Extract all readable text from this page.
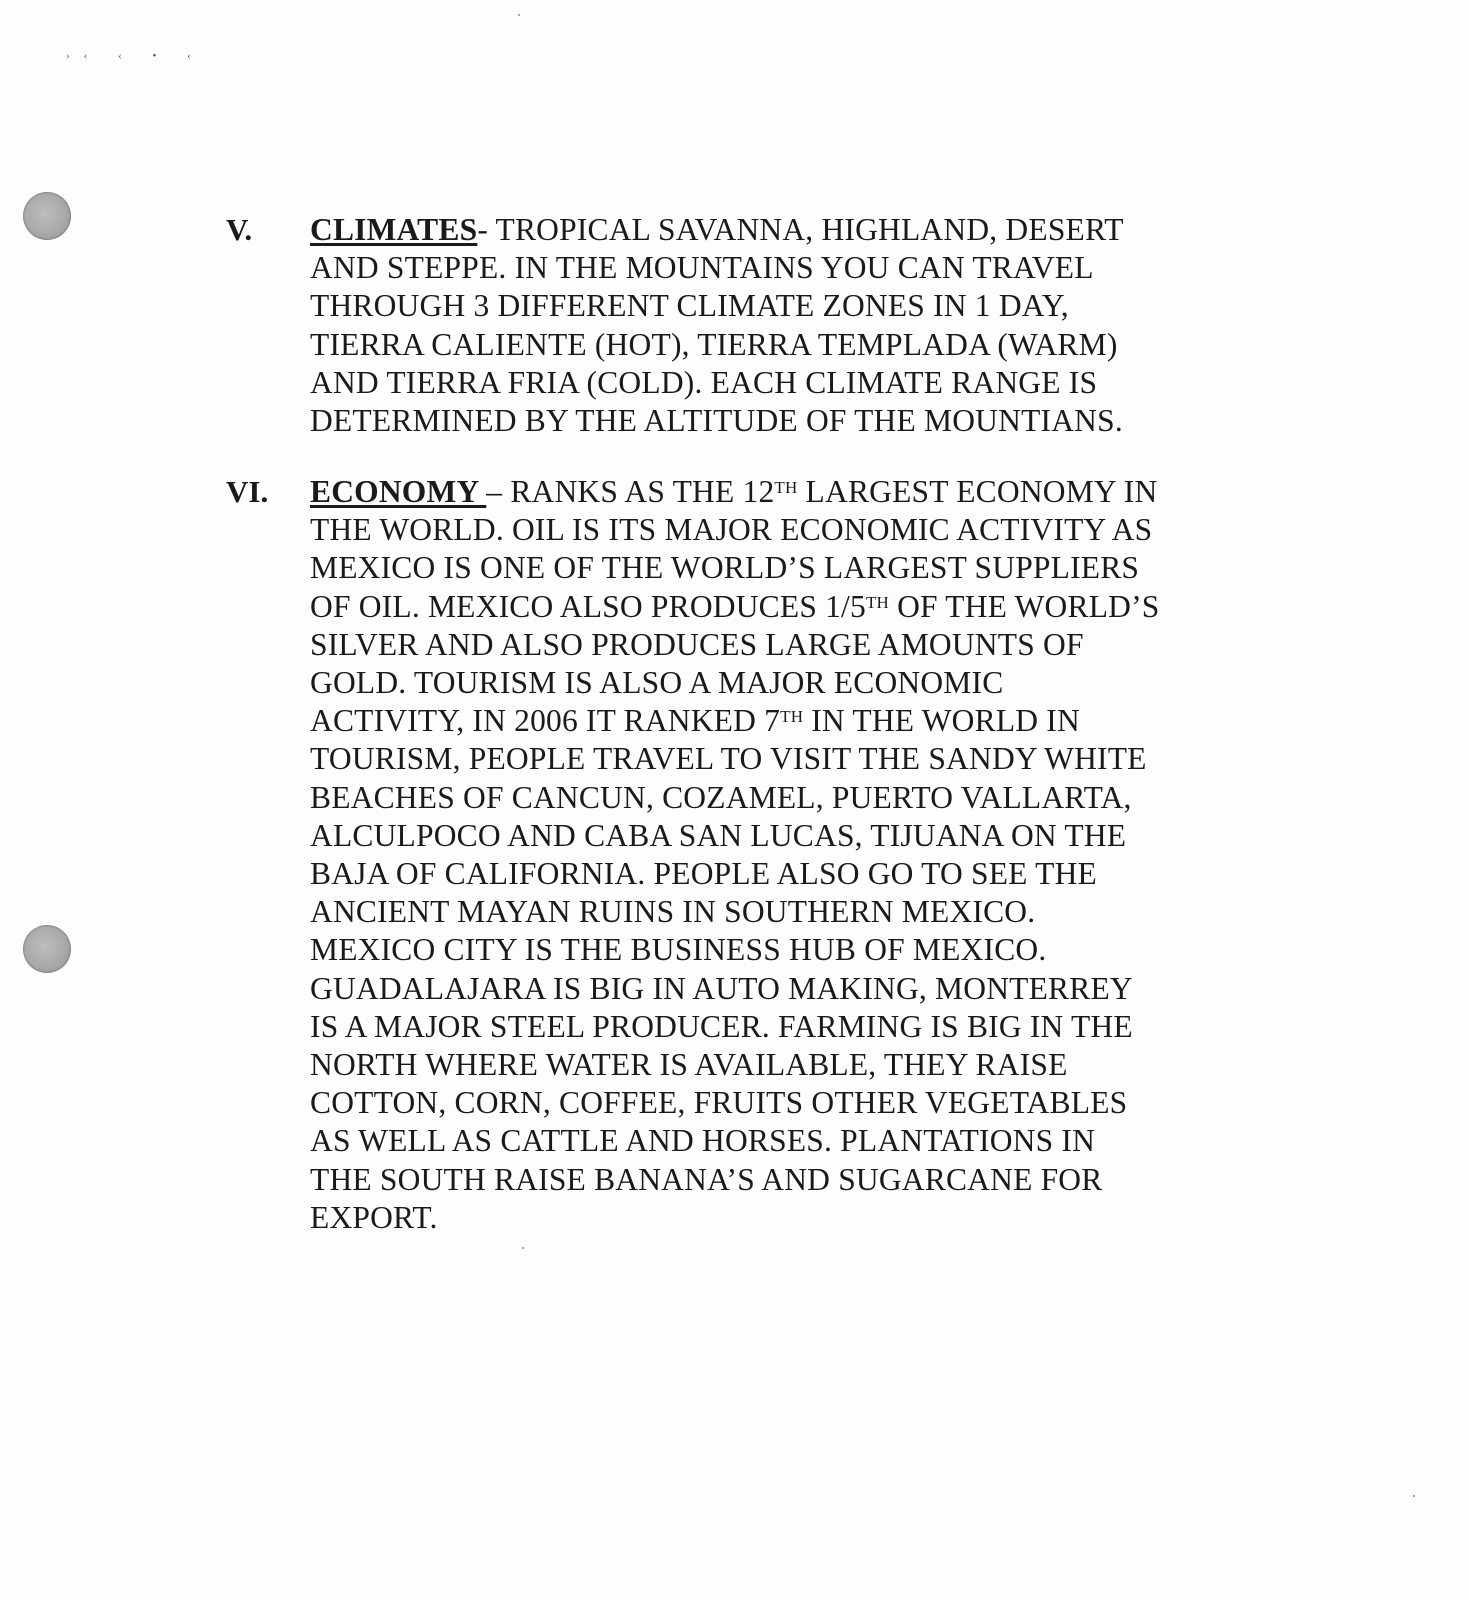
›‹ ‹ • ‹
V. CLIMATES- TROPICAL SAVANNA, HIGHLAND, DESERT
AND STEPPE. IN THE MOUNTAINS YOU CAN TRAVEL
THROUGH 3 DIFFERENT CLIMATE ZONES IN 1 DAY,
TIERRA CALIENTE (HOT), TIERRA TEMPLADA (WARM)
AND TIERRA FRIA (COLD). EACH CLIMATE RANGE IS
DETERMINED BY THE ALTITUDE OF THE MOUNTIANS.
VI. ECONOMY – RANKS AS THE 12TH LARGEST ECONOMY IN
THE WORLD. OIL IS ITS MAJOR ECONOMIC ACTIVITY AS
MEXICO IS ONE OF THE WORLD’S LARGEST SUPPLIERS
OF OIL. MEXICO ALSO PRODUCES 1/5TH OF THE WORLD’S
SILVER AND ALSO PRODUCES LARGE AMOUNTS OF
GOLD. TOURISM IS ALSO A MAJOR ECONOMIC
ACTIVITY, IN 2006 IT RANKED 7TH IN THE WORLD IN
TOURISM, PEOPLE TRAVEL TO VISIT THE SANDY WHITE
BEACHES OF CANCUN, COZAMEL, PUERTO VALLARTA,
ALCULPOCO AND CABA SAN LUCAS, TIJUANA ON THE
BAJA OF CALIFORNIA. PEOPLE ALSO GO TO SEE THE
ANCIENT MAYAN RUINS IN SOUTHERN MEXICO.
MEXICO CITY IS THE BUSINESS HUB OF MEXICO.
GUADALAJARA IS BIG IN AUTO MAKING, MONTERREY
IS A MAJOR STEEL PRODUCER. FARMING IS BIG IN THE
NORTH WHERE WATER IS AVAILABLE, THEY RAISE
COTTON, CORN, COFFEE, FRUITS OTHER VEGETABLES
AS WELL AS CATTLE AND HORSES. PLANTATIONS IN
THE SOUTH RAISE BANANA’S AND SUGARCANE FOR
EXPORT.
